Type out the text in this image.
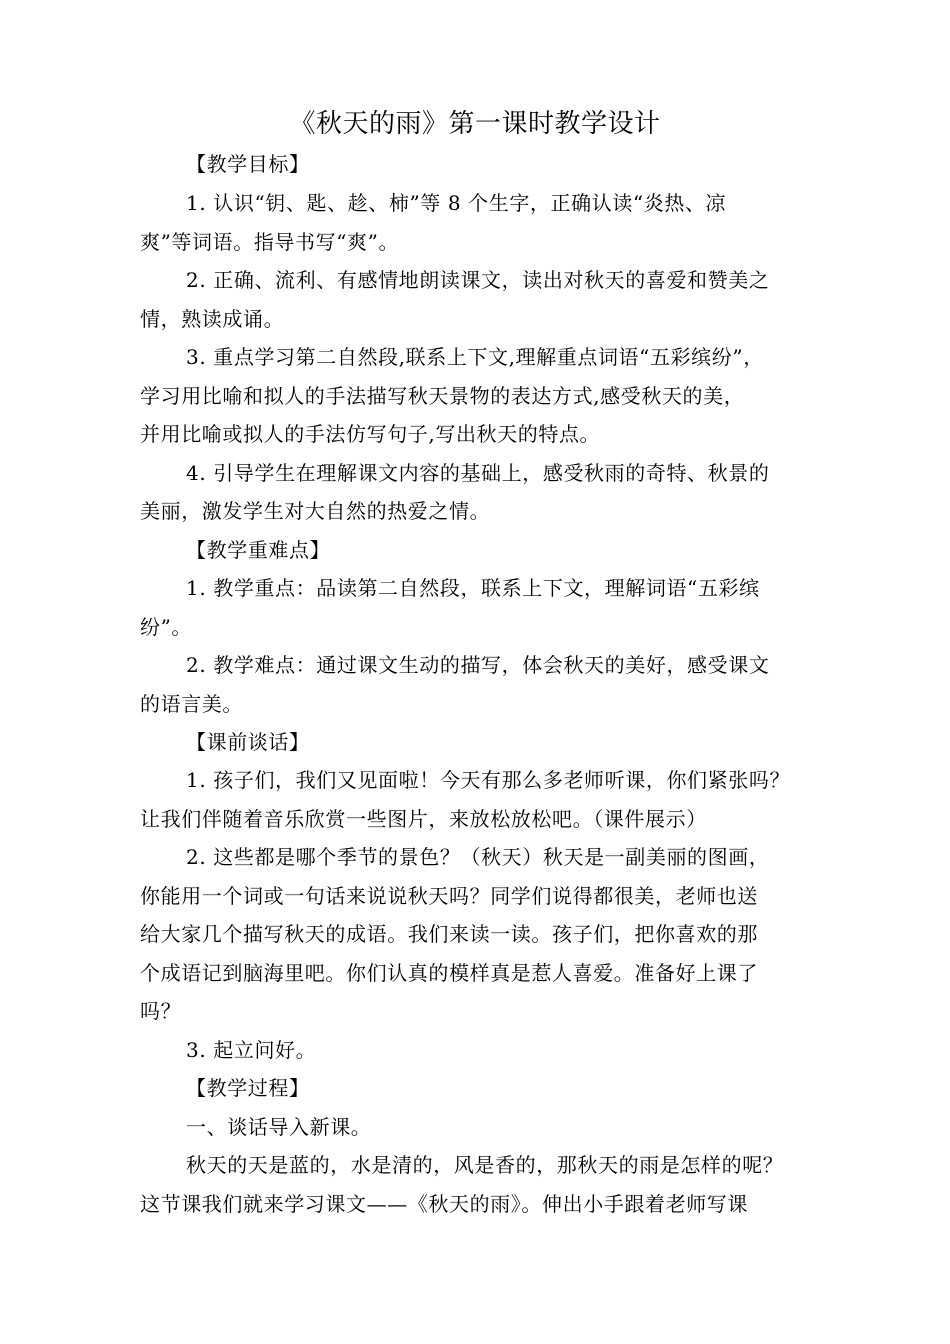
《秋天的雨》第一课时教学设计
【教学目标】
1. 认识“钥、匙、趁、柿”等 8 个生字，正确认读“炎热、凉
爽”等词语。指导书写“爽”。
2. 正确、流利、有感情地朗读课文，读出对秋天的喜爱和赞美之
情，熟读成诵。
3. 重点学习第二自然段,联系上下文,理解重点词语“五彩缤纷”，
学习用比喻和拟人的手法描写秋天景物的表达方式,感受秋天的美，
并用比喻或拟人的手法仿写句子,写出秋天的特点。
4. 引导学生在理解课文内容的基础上，感受秋雨的奇特、秋景的
美丽，激发学生对大自然的热爱之情。
【教学重难点】
1. 教学重点：品读第二自然段，联系上下文，理解词语“五彩缤
纷”。
2. 教学难点：通过课文生动的描写，体会秋天的美好，感受课文
的语言美。
【课前谈话】
1. 孩子们，我们又见面啦！今天有那么多老师听课，你们紧张吗？
让我们伴随着音乐欣赏一些图片，来放松放松吧。（课件展示）
2. 这些都是哪个季节的景色？（秋天）秋天是一副美丽的图画，
你能用一个词或一句话来说说秋天吗？同学们说得都很美，老师也送
给大家几个描写秋天的成语。我们来读一读。孩子们，把你喜欢的那
个成语记到脑海里吧。你们认真的模样真是惹人喜爱。准备好上课了
吗？
3. 起立问好。
【教学过程】
一、谈话导入新课。
秋天的天是蓝的，水是清的，风是香的，那秋天的雨是怎样的呢？
这节课我们就来学习课文——《秋天的雨》。伸出小手跟着老师写课
